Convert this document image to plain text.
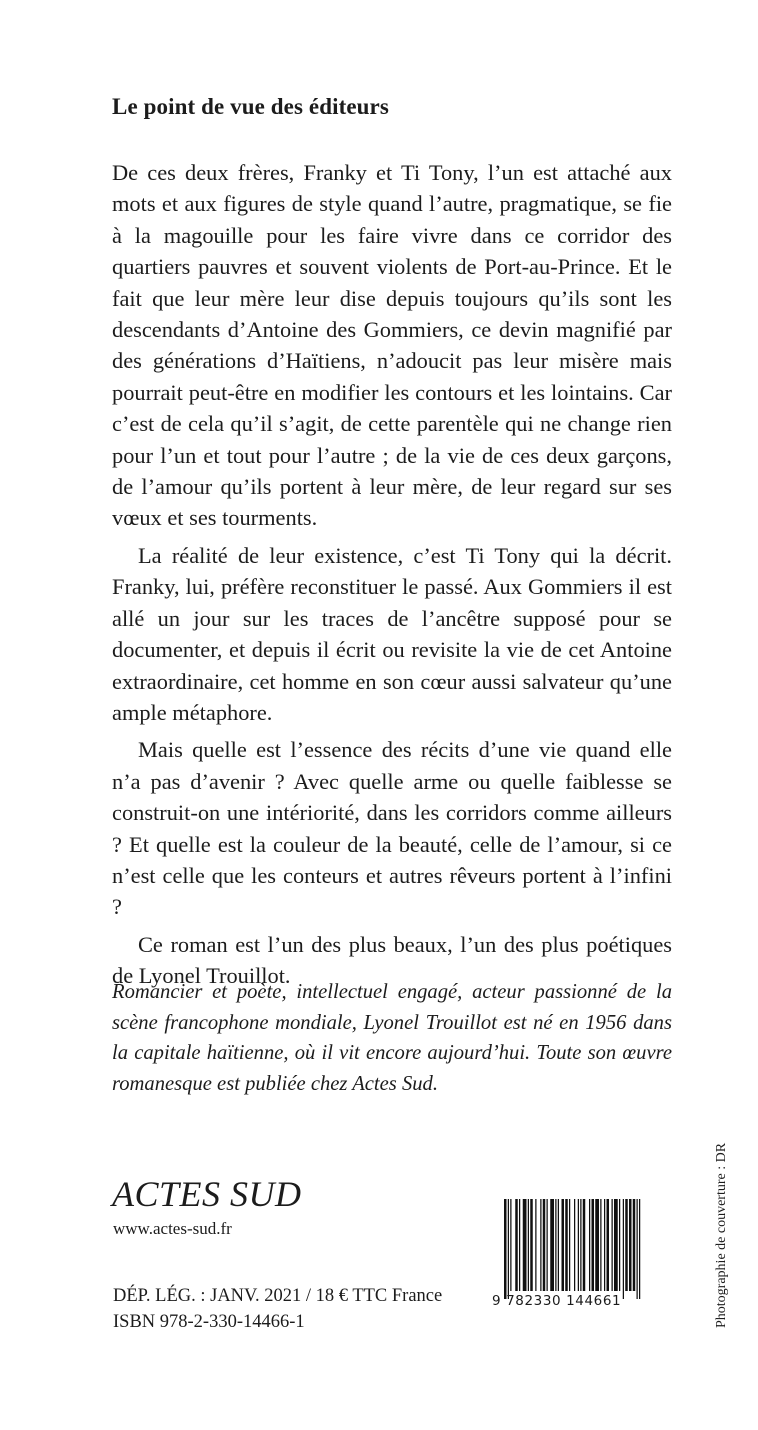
Le point de vue des éditeurs

De ces deux frères, Franky et Ti Tony, l’un est attaché aux mots et aux figures de style quand l’autre, pragmatique, se fie à la magouille pour les faire vivre dans ce corridor des quartiers pauvres et souvent violents de Port-au-Prince. Et le fait que leur mère leur dise depuis toujours qu’ils sont les descendants d’Antoine des Gommiers, ce devin magnifié par des générations d’Haïtiens, n’adoucit pas leur misère mais pourrait peut-être en modifier les contours et les lointains. Car c’est de cela qu’il s’agit, de cette parentèle qui ne change rien pour l’un et tout pour l’autre ; de la vie de ces deux garçons, de l’amour qu’ils portent à leur mère, de leur regard sur ses vœux et ses tourments.

La réalité de leur existence, c’est Ti Tony qui la décrit. Franky, lui, préfère reconstituer le passé. Aux Gommiers il est allé un jour sur les traces de l’ancêtre supposé pour se documenter, et depuis il écrit ou revisite la vie de cet Antoine extraordinaire, cet homme en son cœur aussi salvateur qu’une ample métaphore.

Mais quelle est l’essence des récits d’une vie quand elle n’a pas d’avenir ? Avec quelle arme ou quelle faiblesse se construit-on une intériorité, dans les corridors comme ailleurs ? Et quelle est la couleur de la beauté, celle de l’amour, si ce n’est celle que les conteurs et autres rêveurs portent à l’infini ?

Ce roman est l’un des plus beaux, l’un des plus poétiques de Lyonel Trouillot.

Romancier et poète, intellectuel engagé, acteur passionné de la scène francophone mondiale, Lyonel Trouillot est né en 1956 dans la capitale haïtienne, où il vit encore aujourd’hui. Toute son œuvre romanesque est publiée chez Actes Sud.

ACTES SUD

www.actes-sud.fr

DÉP. LÉG. : JANV. 2021 / 18 € TTC France
ISBN 978-2-330-14466-1
9 782330 144661	Photographie de couverture : DR
